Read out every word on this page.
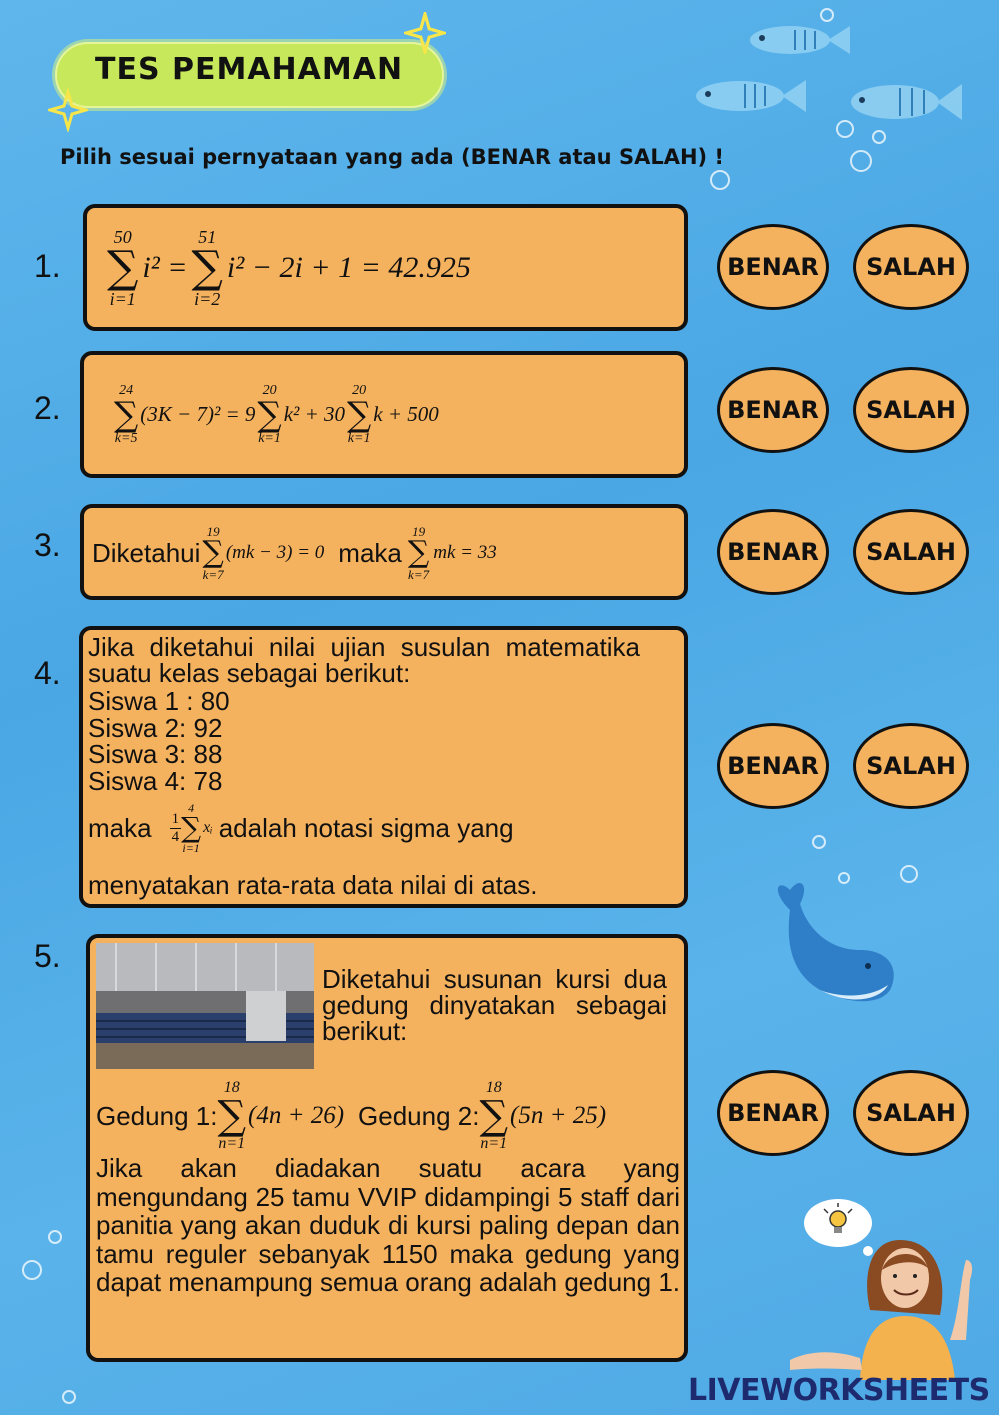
TES PEMAHAMAN
Pilih sesuai pernyataan yang ada (BENAR atau SALAH) !
1.
50
∑
i=1
i² =
51
∑
i=2
i² − 2i + 1 = 42.925	BENAR	SALAH
2.	24
∑
k=5
(3K − 7)² = 9
20
∑
k=1
k² + 30
20
∑
k=1
k + 500	BENAR	SALAH
3. Diketahui
19
∑
k=7
(mk − 3) = 0 maka
19
∑
k=7
mk = 33	BENAR	SALAH
4.
Jika diketahui nilai ujian susulan matematika suatu kelas sebagai berikut:
Siswa 1 : 80
Siswa 2: 92
Siswa 3: 88
Siswa 4: 78
maka $\frac{1}{4}$
4
∑
i=1
xᵢ adalah notasi sigma yang
menyatakan rata-rata data nilai di atas.
BENAR	SALAH
5.
Diketahui susunan kursi dua gedung dinyatakan sebagai berikut:
Gedung 1:
18
∑
n=1
(4n + 26) Gedung 2:
18
∑
n=1
(5n + 25)
Jika akan diadakan suatu acara yang mengundang 25 tamu VVIP didampingi 5 staff dari panitia yang akan duduk di kursi paling depan dan tamu reguler sebanyak 1150 maka gedung yang dapat menampung semua orang adalah gedung 1.
BENAR	SALAH
LIVEWORKSHEETS
